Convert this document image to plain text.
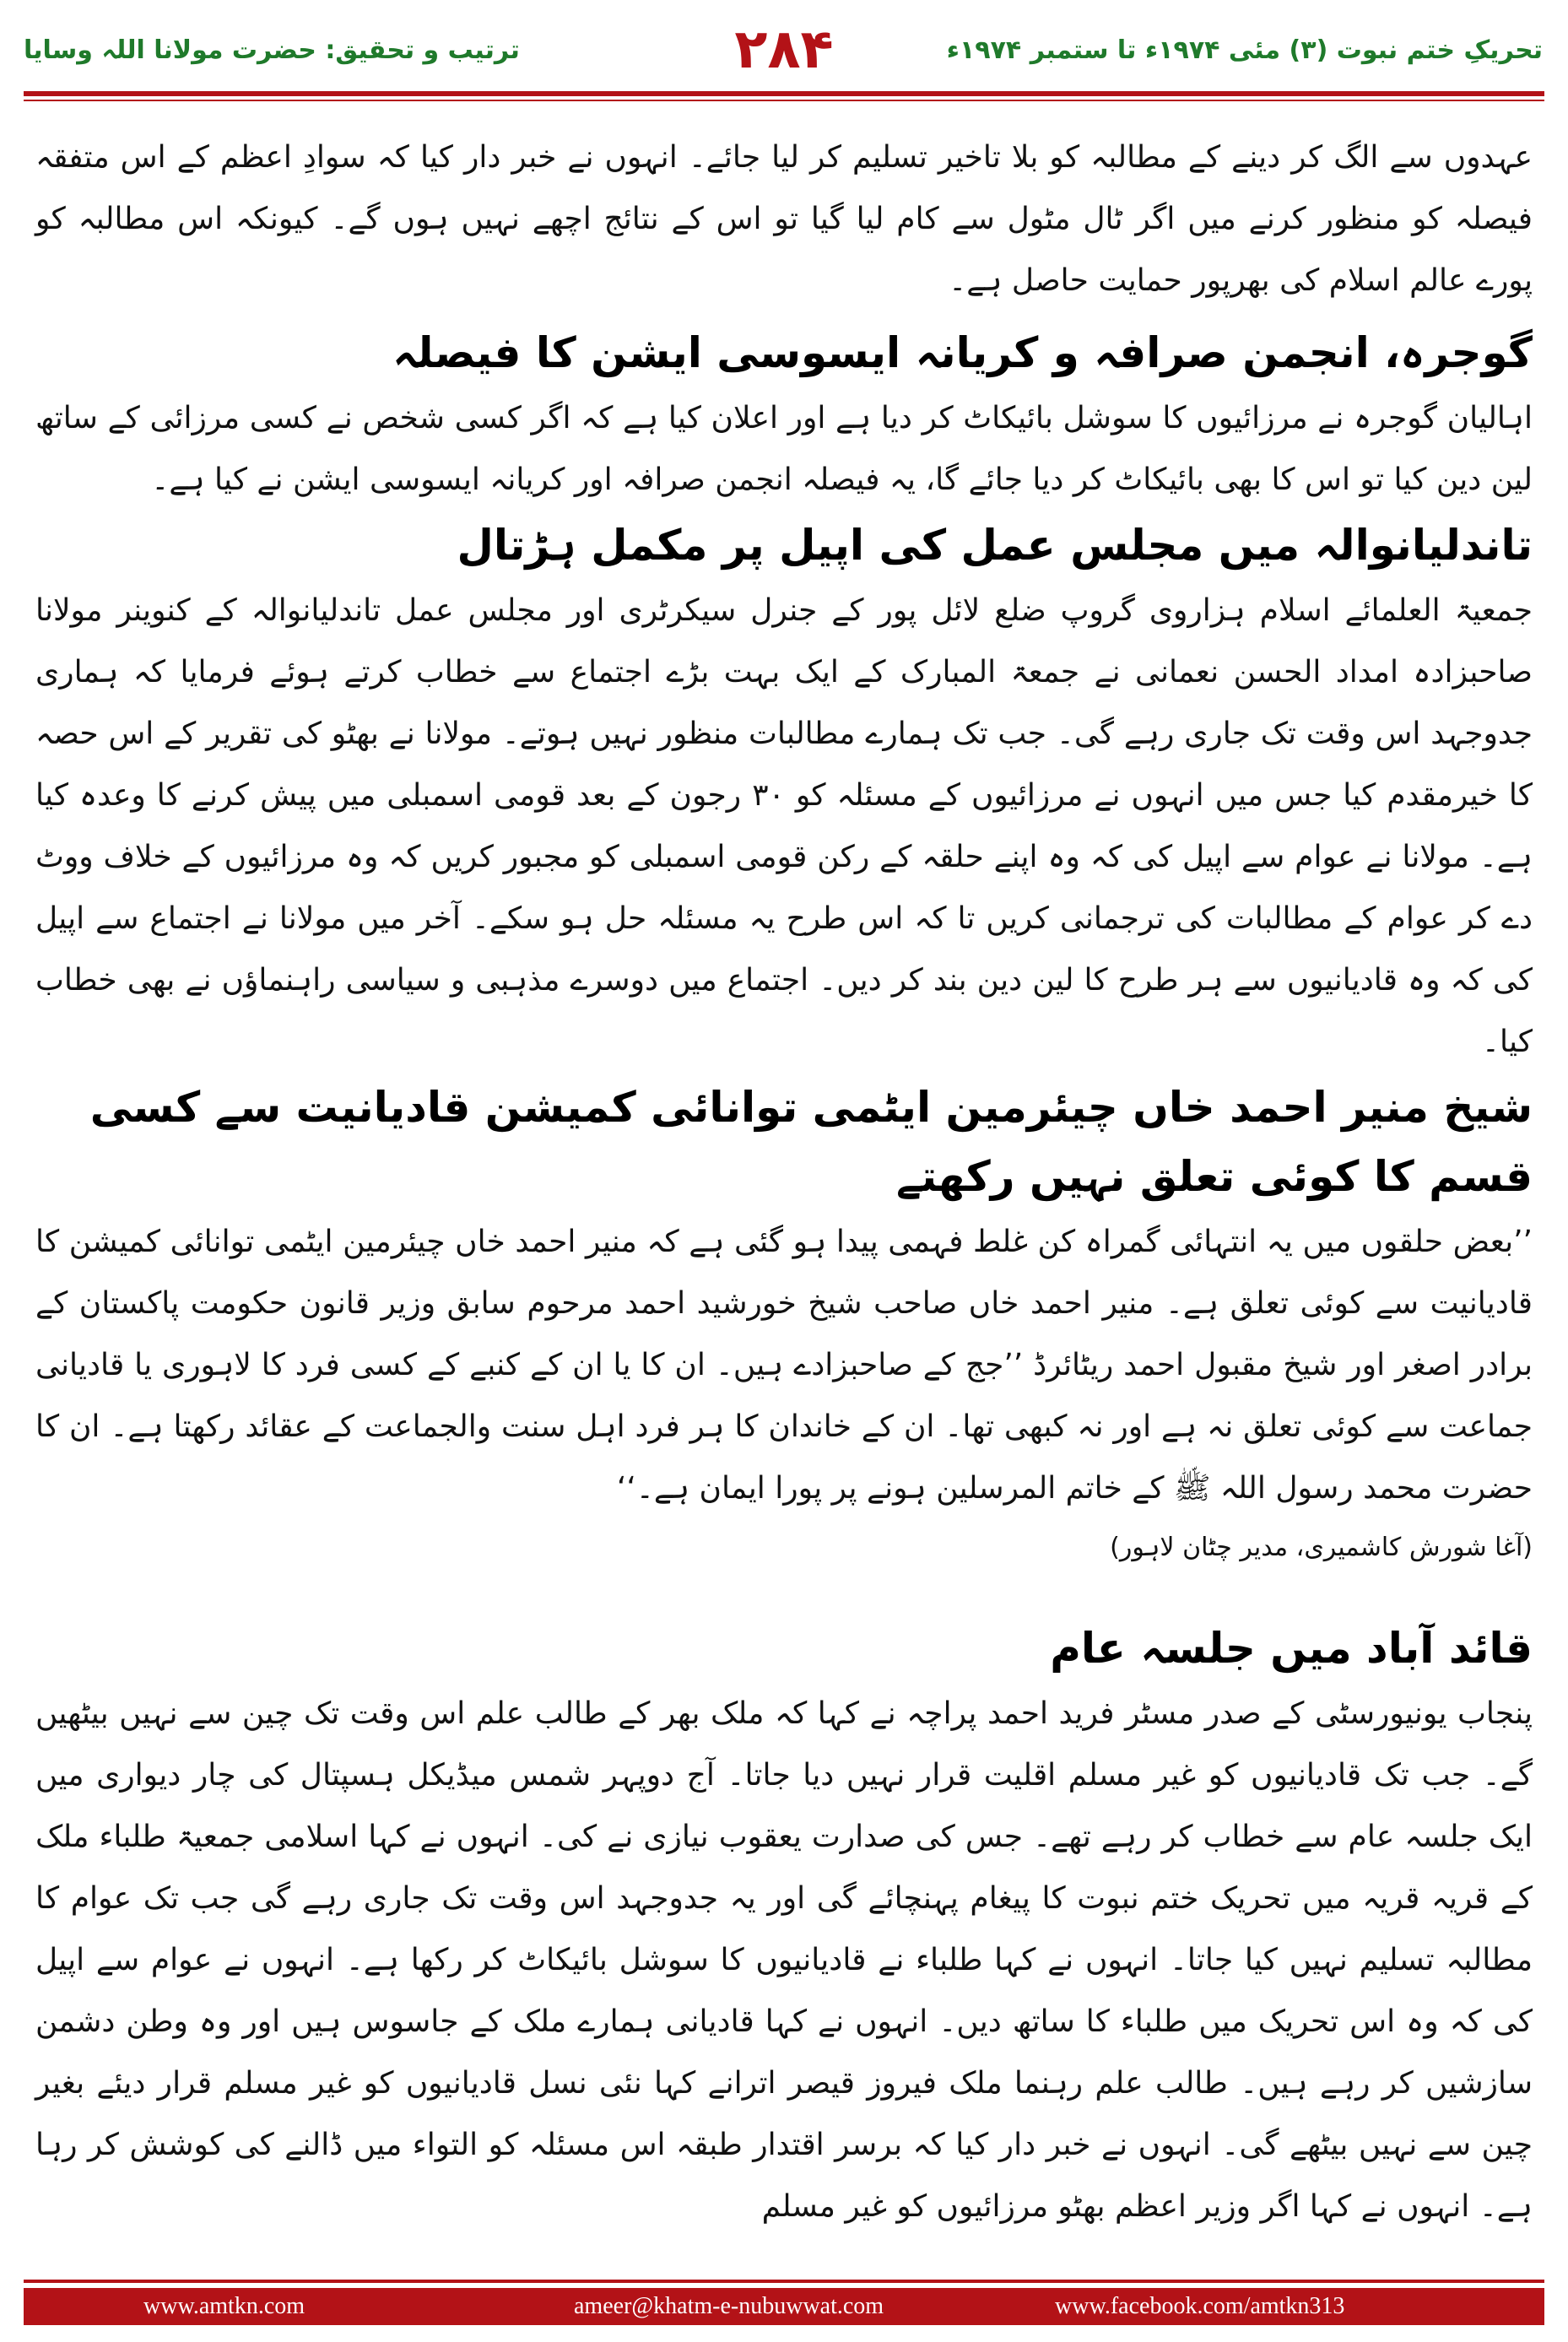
ترتیب و تحقیق: حضرت مولانا اللہ وسایا	۲۸۴	تحریکِ ختم نبوت (۳) مئی ۱۹۷۴ء تا ستمبر ۱۹۷۴ء

عہدوں سے الگ کر دینے کے مطالبہ کو بلا تاخیر تسلیم کر لیا جائے۔ انہوں نے خبر دار کیا کہ سوادِ اعظم کے اس متفقہ فیصلہ کو منظور کرنے میں اگر ٹال مٹول سے کام لیا گیا تو اس کے نتائج اچھے نہیں ہوں گے۔ کیونکہ اس مطالبہ کو پورے عالم اسلام کی بھرپور حمایت حاصل ہے۔

گوجرہ، انجمن صرافہ و کریانہ ایسوسی ایشن کا فیصلہ

اہالیان گوجرہ نے مرزائیوں کا سوشل بائیکاٹ کر دیا ہے اور اعلان کیا ہے کہ اگر کسی شخص نے کسی مرزائی کے ساتھ لین دین کیا تو اس کا بھی بائیکاٹ کر دیا جائے گا، یہ فیصلہ انجمن صرافہ اور کریانہ ایسوسی ایشن نے کیا ہے۔

تاندلیانوالہ میں مجلس عمل کی اپیل پر مکمل ہڑتال

جمعیۃ العلمائے اسلام ہزاروی گروپ ضلع لائل پور کے جنرل سیکرٹری اور مجلس عمل تاندلیانوالہ کے کنوینر مولانا صاحبزادہ امداد الحسن نعمانی نے جمعۃ المبارک کے ایک بہت بڑے اجتماع سے خطاب کرتے ہوئے فرمایا کہ ہماری جدوجہد اس وقت تک جاری رہے گی۔ جب تک ہمارے مطالبات منظور نہیں ہوتے۔ مولانا نے بھٹو کی تقریر کے اس حصہ کا خیرمقدم کیا جس میں انہوں نے مرزائیوں کے مسئلہ کو ۳۰ رجون کے بعد قومی اسمبلی میں پیش کرنے کا وعدہ کیا ہے۔ مولانا نے عوام سے اپیل کی کہ وہ اپنے حلقہ کے رکن قومی اسمبلی کو مجبور کریں کہ وہ مرزائیوں کے خلاف ووٹ دے کر عوام کے مطالبات کی ترجمانی کریں تا کہ اس طرح یہ مسئلہ حل ہو سکے۔ آخر میں مولانا نے اجتماع سے اپیل کی کہ وہ قادیانیوں سے ہر طرح کا لین دین بند کر دیں۔ اجتماع میں دوسرے مذہبی و سیاسی راہنماؤں نے بھی خطاب کیا۔

شیخ منیر احمد خاں چیئرمین ایٹمی توانائی کمیشن قادیانیت سے کسی قسم کا کوئی تعلق نہیں رکھتے

’’بعض حلقوں میں یہ انتہائی گمراہ کن غلط فہمی پیدا ہو گئی ہے کہ منیر احمد خاں چیئرمین ایٹمی توانائی کمیشن کا قادیانیت سے کوئی تعلق ہے۔ منیر احمد خاں صاحب شیخ خورشید احمد مرحوم سابق وزیر قانون حکومت پاکستان کے برادر اصغر اور شیخ مقبول احمد ریٹائرڈ ’’جج کے صاحبزادے ہیں۔ ان کا یا ان کے کنبے کے کسی فرد کا لاہوری یا قادیانی جماعت سے کوئی تعلق نہ ہے اور نہ کبھی تھا۔ ان کے خاندان کا ہر فرد اہل سنت والجماعت کے عقائد رکھتا ہے۔ ان کا حضرت محمد رسول اللہ ﷺ کے خاتم المرسلین ہونے پر پورا ایمان ہے۔‘‘

(آغا شورش کاشمیری، مدیر چٹان لاہور)

قائد آباد میں جلسہ عام

پنجاب یونیورسٹی کے صدر مسٹر فرید احمد پراچہ نے کہا کہ ملک بھر کے طالب علم اس وقت تک چین سے نہیں بیٹھیں گے۔ جب تک قادیانیوں کو غیر مسلم اقلیت قرار نہیں دیا جاتا۔ آج دوپہر شمس میڈیکل ہسپتال کی چار دیواری میں ایک جلسہ عام سے خطاب کر رہے تھے۔ جس کی صدارت یعقوب نیازی نے کی۔ انہوں نے کہا اسلامی جمعیۃ طلباء ملک کے قریہ قریہ میں تحریک ختم نبوت کا پیغام پہنچائے گی اور یہ جدوجہد اس وقت تک جاری رہے گی جب تک عوام کا مطالبہ تسلیم نہیں کیا جاتا۔ انہوں نے کہا طلباء نے قادیانیوں کا سوشل بائیکاٹ کر رکھا ہے۔ انہوں نے عوام سے اپیل کی کہ وہ اس تحریک میں طلباء کا ساتھ دیں۔ انہوں نے کہا قادیانی ہمارے ملک کے جاسوس ہیں اور وہ وطن دشمن سازشیں کر رہے ہیں۔ طالب علم رہنما ملک فیروز قیصر اترانے کہا نئی نسل قادیانیوں کو غیر مسلم قرار دیئے بغیر چین سے نہیں بیٹھے گی۔ انہوں نے خبر دار کیا کہ برسر اقتدار طبقہ اس مسئلہ کو التواء میں ڈالنے کی کوشش کر رہا ہے۔ انہوں نے کہا اگر وزیر اعظم بھٹو مرزائیوں کو غیر مسلم

www.amtkn.com	ameer@khatm-e-nubuwwat.com	www.facebook.com/amtkn313
